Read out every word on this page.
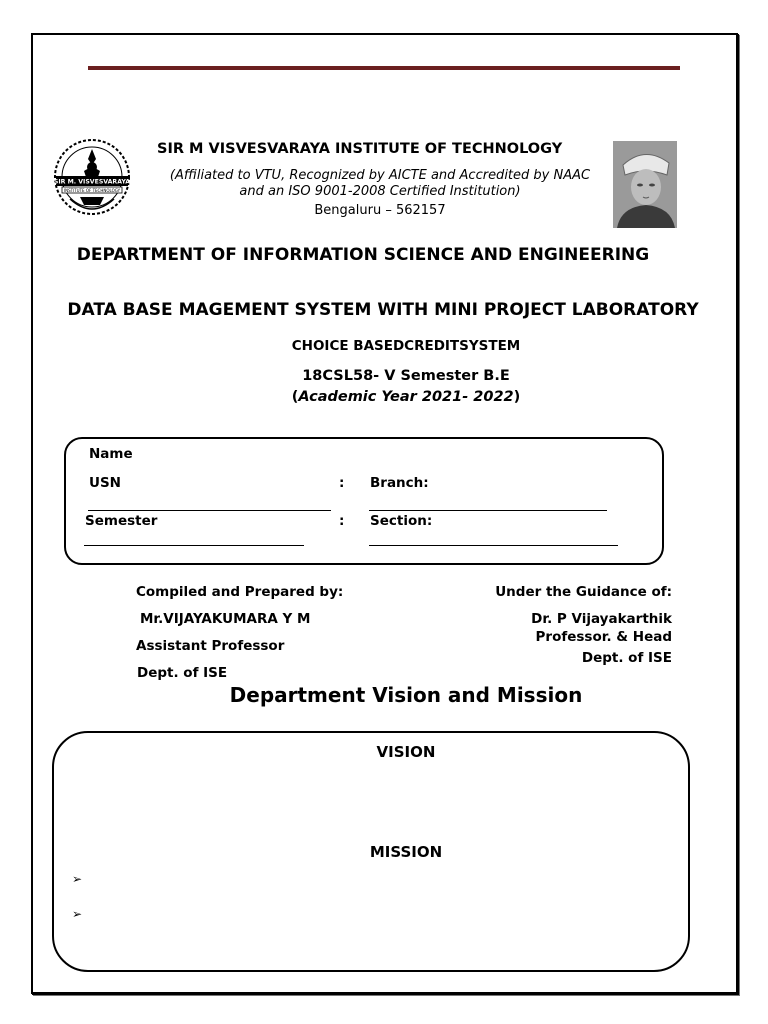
SIR M. VISVESVARAYA
INSTITUTE OF TECHNOLOGY
SIR M VISVESVARAYA INSTITUTE OF TECHNOLOGY
(Affiliated to VTU, Recognized by AICTE and Accredited by NAAC
and an ISO 9001-2008 Certified Institution)
Bengaluru – 562157
DEPARTMENT OF INFORMATION SCIENCE AND ENGINEERING
DATA BASE MAGEMENT SYSTEM WITH MINI PROJECT LABORATORY
CHOICE BASEDCREDITSYSTEM
18CSL58- V Semester B.E
(Academic Year 2021- 2022)
Name
USN	: Branch:
Semester	: Section:
Compiled and Prepared by:
Mr.VIJAYAKUMARA Y M
Assistant Professor
Dept. of ISE
Under the Guidance of:
Dr. P Vijayakarthik
Professor. & Head
Dept. of ISE
Department Vision and Mission
VISION
MISSION
➢
➢
